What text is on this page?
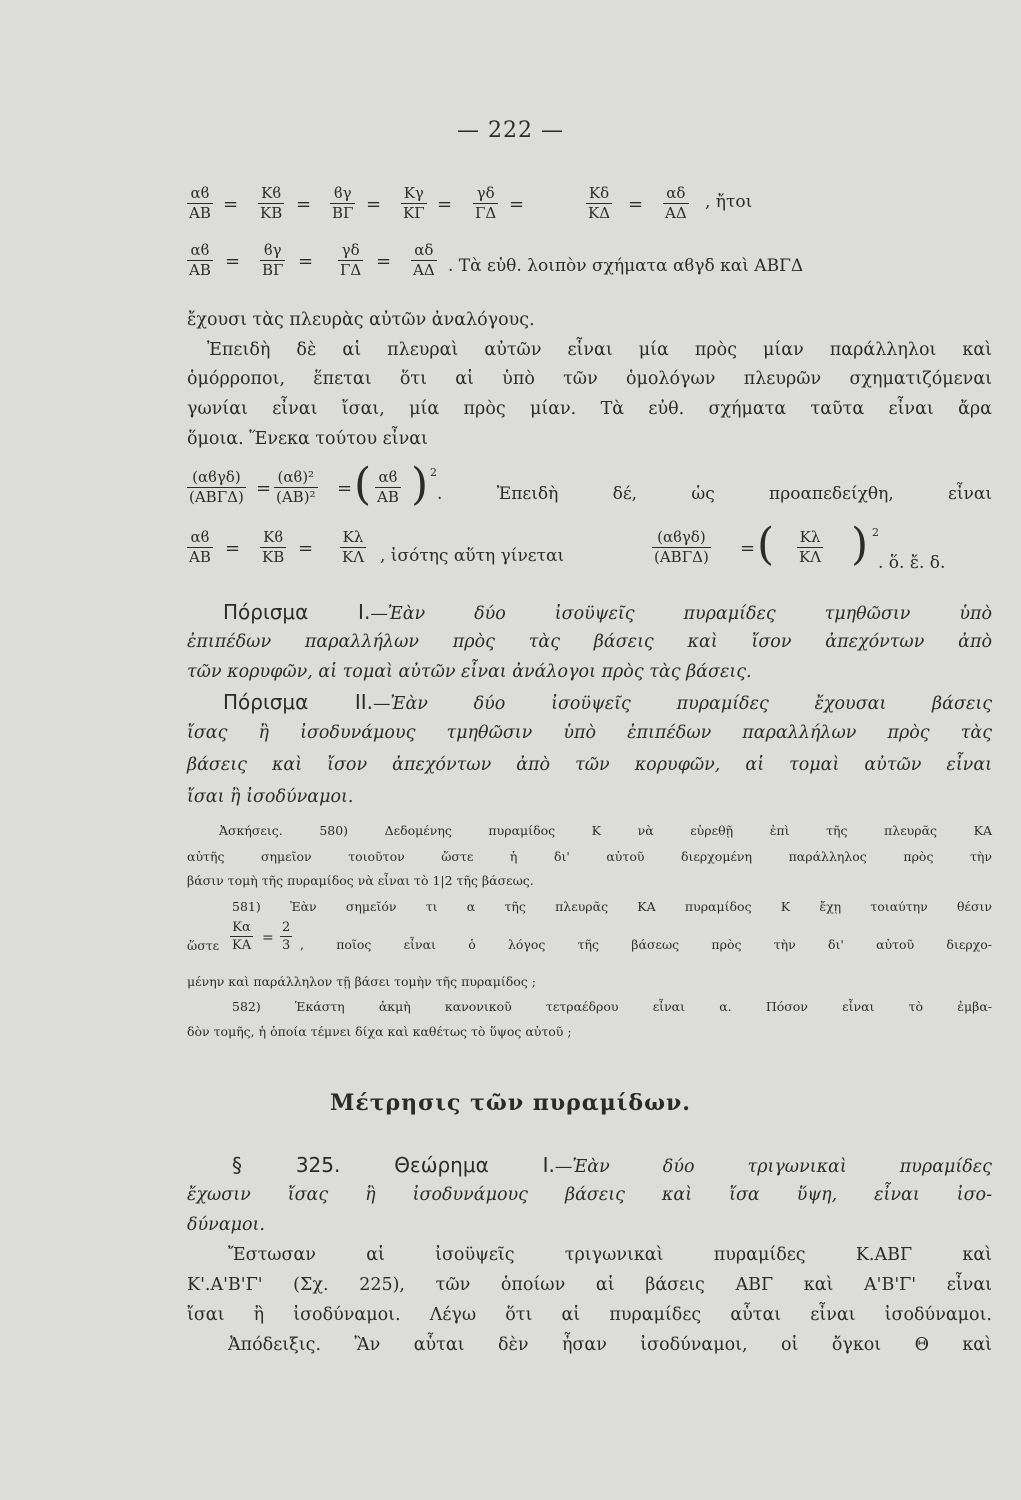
— 222 —
$\frac{\alpha ϐ}{AB} = \frac{Kϐ}{KB} = \frac{ϐ\gamma}{B\Gamma} = \frac{K\gamma}{K\Gamma} = \frac{\gamma\delta}{\Gamma\Delta}$ =	$\frac{K\delta}{K\Delta} = \frac{\alpha\delta}{A\Delta}$ , ἤτοι
$\frac{\alpha ϐ}{AB} = \frac{ϐ\gamma}{B\Gamma} = \frac{\gamma\delta}{\Gamma\Delta} = \frac{\alpha\delta}{A\Delta}$ . Τὰ εὐθ. λοιπὸν σχήματα αϐγδ καὶ ΑΒΓΔ
ἔχουσι τὰς πλευρὰς αὐτῶν ἀναλόγους.
Ἐπειδὴ δὲ αἱ πλευραὶ αὐτῶν εἶναι μία πρὸς μίαν παράλληλοι καὶ
ὁμόρροποι, ἕπεται ὅτι αἱ ὑπὸ τῶν ὁμολόγων πλευρῶν σχηματιζόμεναι
γωνίαι εἶναι ἴσαι, μία πρὸς μίαν. Τὰ εὐθ. σχήματα ταῦτα εἶναι ἄρα
ὅμοια. Ἕνεκα τούτου εἶναι
(αϐγδ)
$(AB\Gamma\Delta) = \frac{\text{(αϐ)²}}{\text{(ΑΒ)²}}$ = ( $\frac{\alpha ϐ}{AB}$ ) 2
. Ἐπειδὴ δέ, ὡς προαπεδείχθη, εἶναι
$\frac{\alpha ϐ}{AB} = \frac{Kϐ}{KB} = \frac{K\lambda}{K\Lambda}$ , ἰσότης αὕτη γίνεται
(αϐγδ)
(ΑΒΓΔ) = ( $\frac{K\lambda}{K\Lambda}$ ) 2
. ὅ. ἔ. δ.
Πόρισμα Ι.—Ἐὰν δύο ἰσοϋψεῖς πυραμίδες τμηθῶσιν ὑπὸ
ἐπιπέδων παραλλήλων πρὸς τὰς βάσεις καὶ ἴσον ἀπεχόντων ἀπὸ
τῶν κορυφῶν, αἱ τομαὶ αὐτῶν εἶναι ἀνάλογοι πρὸς τὰς βάσεις.
Πόρισμα ΙΙ.—Ἐὰν δύο ἰσοϋψεῖς πυραμίδες ἔχουσαι βάσεις
ἴσας ἢ ἰσοδυνάμους τμηθῶσιν ὑπὸ ἐπιπέδων παραλλήλων πρὸς τὰς
βάσεις καὶ ἴσον ἀπεχόντων ἀπὸ τῶν κορυφῶν, αἱ τομαὶ αὐτῶν εἶναι
ἴσαι ἢ ἰσοδύναμοι.
Ἀσκήσεις. 580) Δεδομένης πυραμίδος Κ νὰ εὑρεθῇ ἐπὶ τῆς πλευρᾶς ΚΑ
αὐτῆς σημεῖον τοιοῦτον ὥστε ἡ δι' αὐτοῦ διερχομένη παράλληλος πρὸς τὴν
βάσιν τομὴ τῆς πυραμίδος νὰ εἶναι τὸ 1|2 τῆς βάσεως.
581) Ἐὰν σημεῖόν τι α τῆς πλευρᾶς ΚΑ πυραμίδος Κ ἔχῃ τοιαύτην θέσιν
ὥστε $\frac{K\alpha}{KA} = \frac{2}{3}$ , ποῖος εἶναι ὁ λόγος τῆς βάσεως πρὸς τὴν δι' αὐτοῦ διερχο-
μένην καὶ παράλληλον τῇ βάσει τομὴν τῆς πυραμίδος ;
582) Ἑκάστη ἀκμὴ κανονικοῦ τετραέδρου εἶναι α. Πόσον εἶναι τὸ ἐμβα-
δὸν τομῆς, ἡ ὁποία τέμνει δίχα καὶ καθέτως τὸ ὕψος αὐτοῦ ;
Μέτρησις τῶν πυραμίδων.
§ 325. Θεώρημα Ι.—Ἐὰν δύο τριγωνικαὶ πυραμίδες
ἔχωσιν ἴσας ἢ ἰσοδυνάμους βάσεις καὶ ἴσα ὕψη, εἶναι ἰσο-
δύναμοι.
Ἔστωσαν αἱ ἰσοϋψεῖς τριγωνικαὶ πυραμίδες Κ.ΑΒΓ καὶ
Κ'.Α'Β'Γ' (Σχ. 225), τῶν ὁποίων αἱ βάσεις ΑΒΓ καὶ Α'Β'Γ' εἶναι
ἴσαι ἢ ἰσοδύναμοι. Λέγω ὅτι αἱ πυραμίδες αὗται εἶναι ἰσοδύναμοι.
Ἀπόδειξις. Ἂν αὗται δὲν ἦσαν ἰσοδύναμοι, οἱ ὄγκοι Θ καὶ
